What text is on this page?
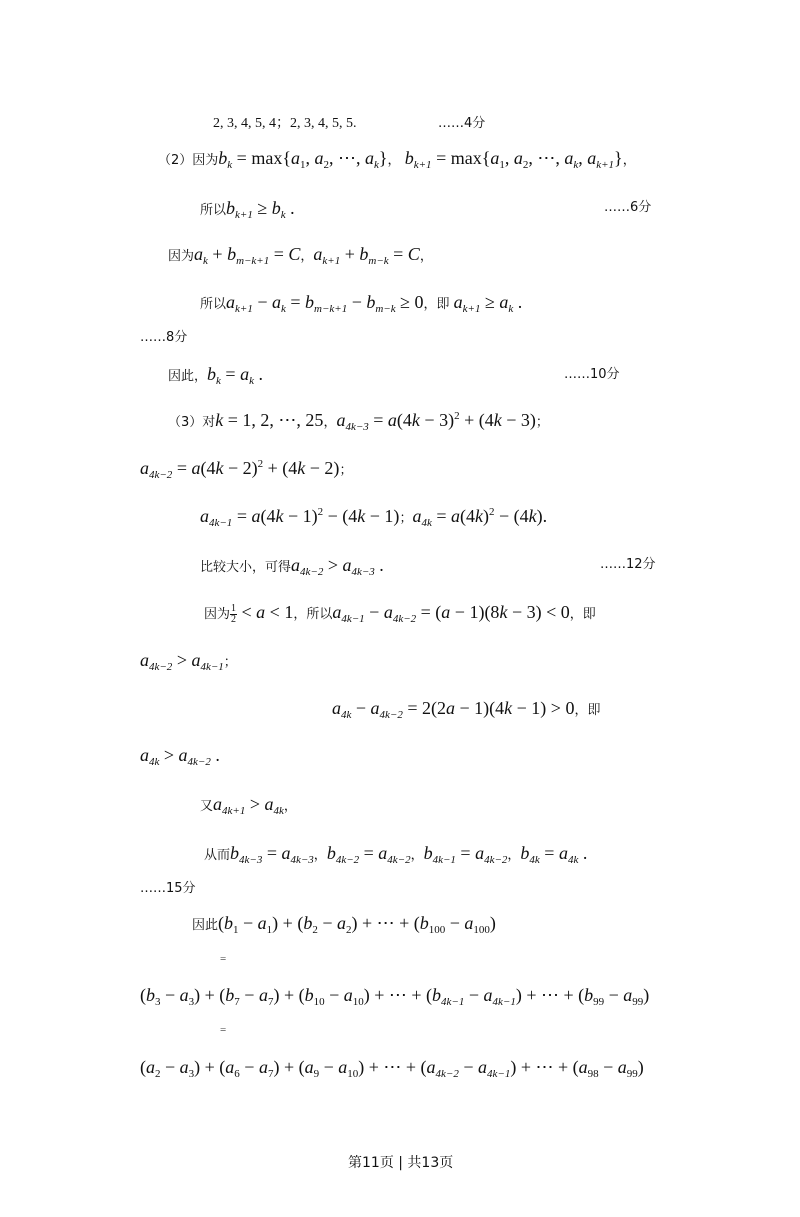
2, 3, 4, 5, 4；2, 3, 4, 5, 5.	……4分
（2）因为$b_k = \max\{a_1$, $a_2$, ⋯, $a_k$}， $b_{k+1} = \max\{a_1$, $a_2$, ⋯, $a_k$, $a_{k+1}$}，
所以$b_{k+1} \ge b_k$ .	……6分
因为$a_k + b_{m-k+1} = C$，$a_{k+1} + b_{m-k} = C$，
所以$a_{k+1} - a_k = b_{m-k+1} - b_{m-k} \ge 0$，即 $a_{k+1} \ge a_k$ .
……8分
因此，$b_k = a_k$ .	……10分
（3）对k = 1, 2, ⋯, 25，$a_{4k-3} = a(4k - 3)^2 + (4k - 3)$；
$a_{4k-2} = a(4k - 2)^2 + (4k - 2)$；
$a_{4k-1} = a(4k - 1)^2 - (4k - 1)$；$a_{4k} = a(4k)^2 - (4k)$.
比较大小，可得$a_{4k-2} > a_{4k-3}$ .	……12分
因为 $\frac{1}{2} < a < 1$，所以$a_{4k-1} - a_{4k-2} = (a - 1)(8k - 3) < 0$，即
$a_{4k-2} > a_{4k-1}$；
$a_{4k} - a_{4k-2} = 2(2a - 1)(4k - 1) > 0$，即
$a_{4k} > a_{4k-2}$ .
又$a_{4k+1} > a_{4k}$，
从而$b_{4k-3} = a_{4k-3}$，$b_{4k-2} = a_{4k-2}$，$b_{4k-1} = a_{4k-2}$，$b_{4k} = a_{4k}$ .
……15分
因此$(b_1 - a_1) + (b_2 - a_2)$ + ⋯ + $(b_{100} - a_{100})$
=
$(b_3 - a_3) + (b_7 - a_7) + (b_{10} - a_{10})$ + ⋯ + $(b_{4k-1} - a_{4k-1})$ + ⋯ + $(b_{99} - a_{99})$
=
$(a_2 - a_3) + (a_6 - a_7) + (a_9 - a_{10})$ + ⋯ + $(a_{4k-2} - a_{4k-1})$ + ⋯ + $(a_{98} - a_{99})$
第11页 | 共13页
